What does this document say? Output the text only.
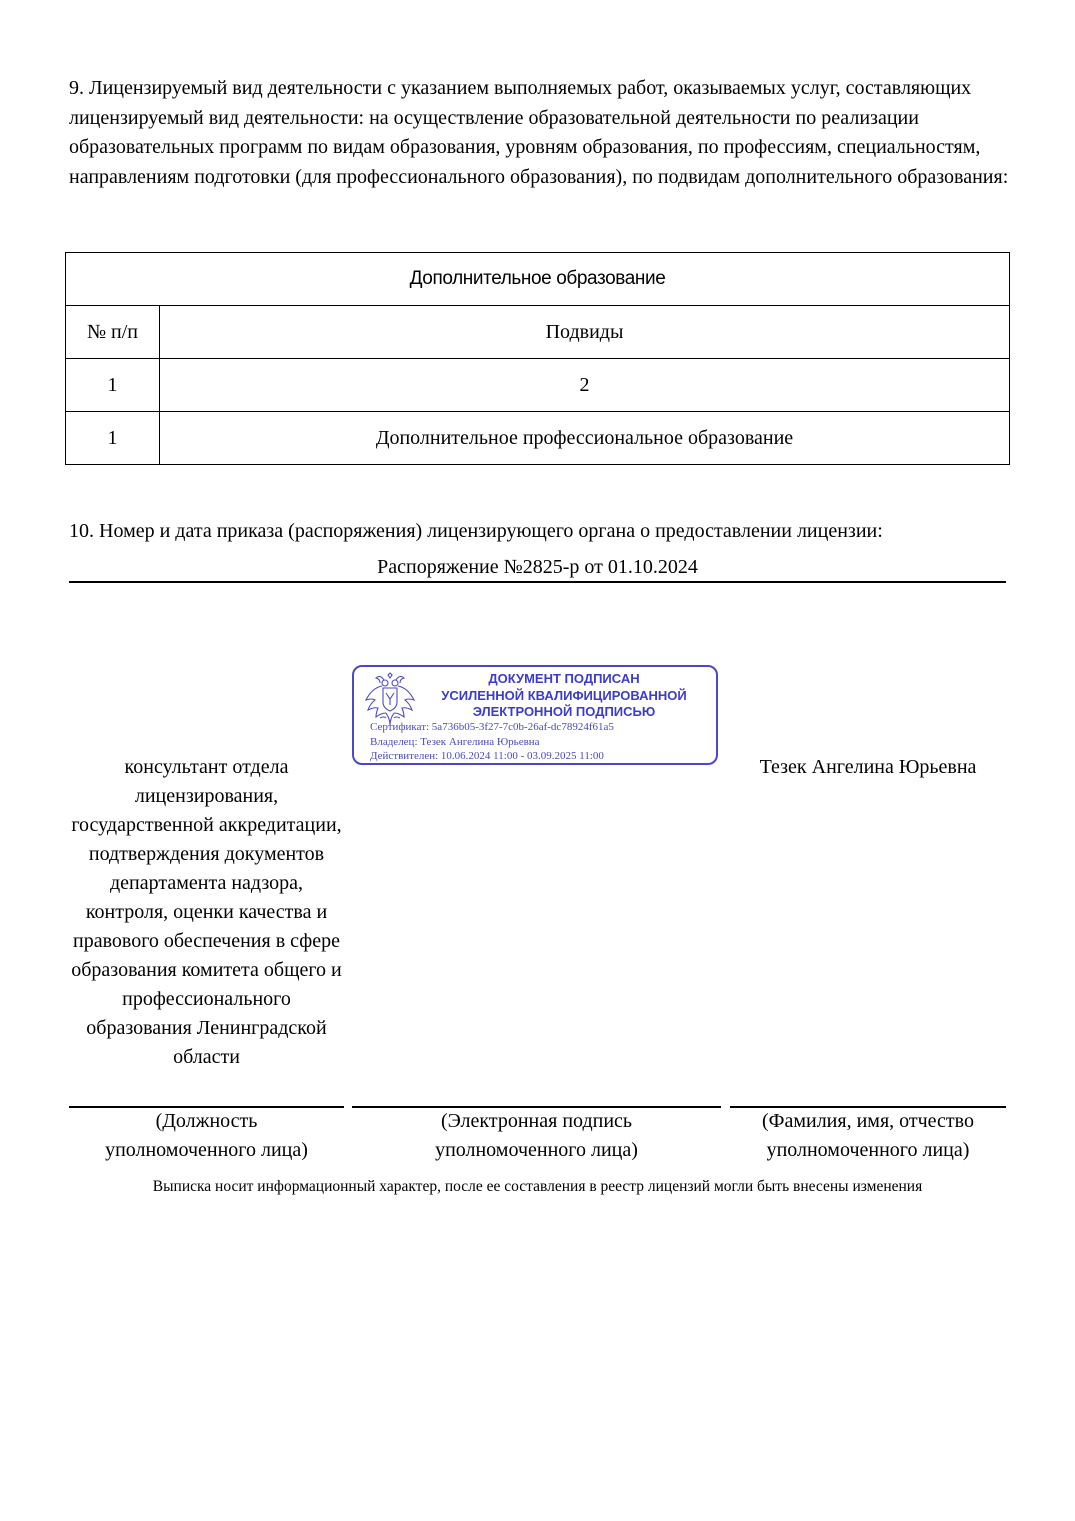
9. Лицензируемый вид деятельности с указанием выполняемых работ, оказываемых услуг, составляющих лицензируемый вид деятельности: на осуществление образовательной деятельности по реализации образовательных программ по видам образования, уровням образования, по профессиям, специальностям, направлениям подготовки (для профессионального образования), по подвидам дополнительного образования:
Дополнительное образование	
№ п/п	Подвиды
1	2
1	Дополнительное профессиональное образование
10. Номер и дата приказа (распоряжения) лицензирующего органа о предоставлении лицензии:
Распоряжение №2825-р от 01.10.2024
консультант отдела лицензирования, государственной аккредитации, подтверждения документов департамента надзора, контроля, оценки качества и правового обеспечения в сфере образования комитета общего и профессионального образования Ленинградской области
ДОКУМЕНТ ПОДПИСАН
УСИЛЕННОЙ КВАЛИФИЦИРОВАННОЙ
ЭЛЕКТРОННОЙ ПОДПИСЬЮ
Сертификат: 5a736b05-3f27-7c0b-26af-dc78924f61a5
Владелец: Тезек Ангелина Юрьевна
Действителен: 10.06.2024 11:00 - 03.09.2025 11:00	Тезек Ангелина Юрьевна
(Должность
уполномоченного лица)
(Электронная подпись
уполномоченного лица)
(Фамилия, имя, отчество
уполномоченного лица)
Выписка носит информационный характер, после ее составления в реестр лицензий могли быть внесены изменения
